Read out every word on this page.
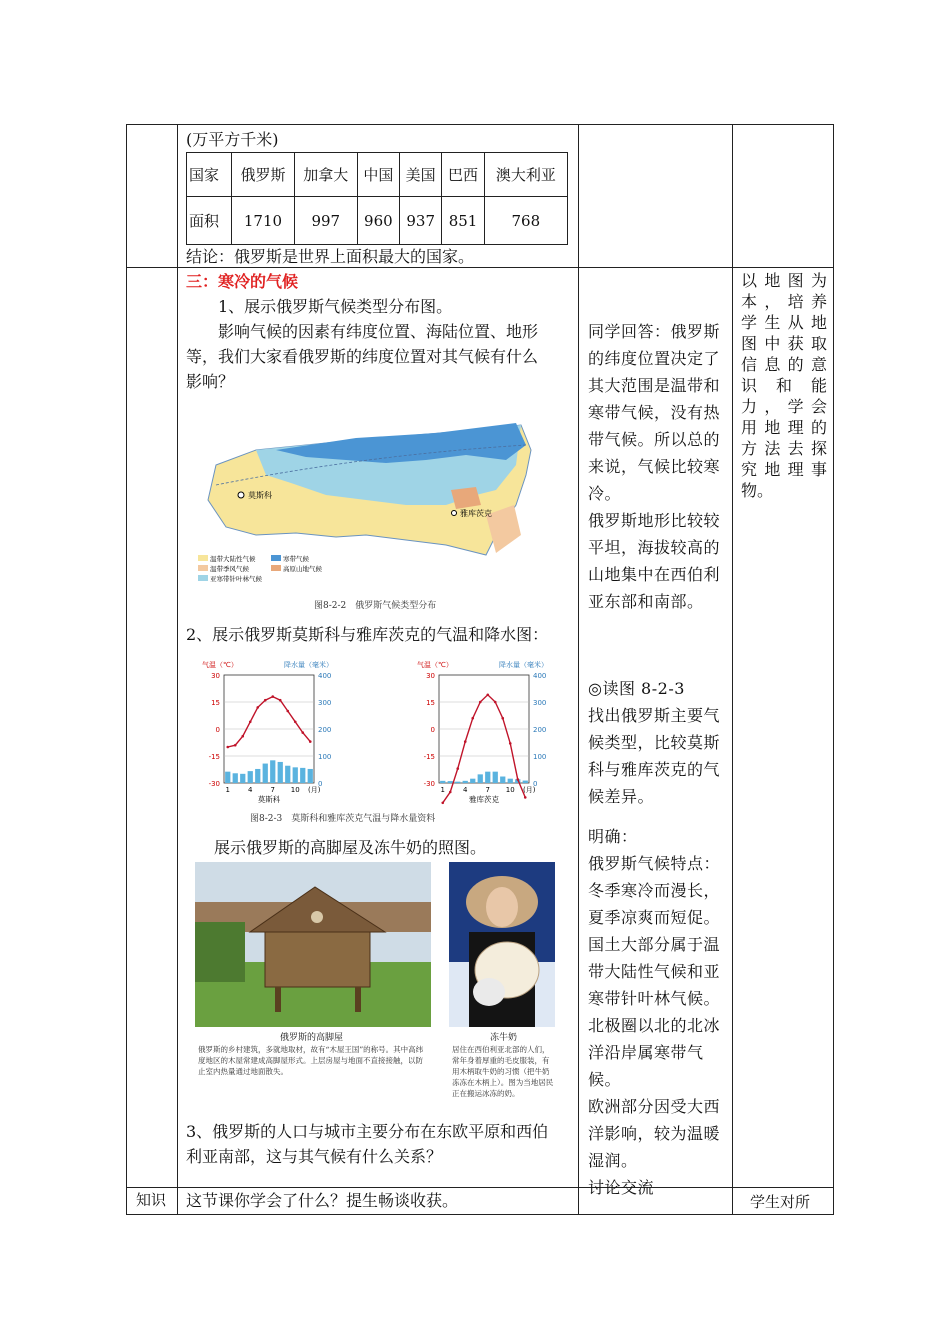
(万平方千米)
国家	俄罗斯	加拿大	中国	美国	巴西	澳大利亚
面积	1710	997	960	937	851	768
结论：俄罗斯是世界上面积最大的国家。
三：寒冷的气候
1、展示俄罗斯气候类型分布图。
影响气候的因素有纬度位置、海陆位置、地形
等，我们大家看俄罗斯的纬度位置对其气候有什么
影响？
莫斯科
雅库茨克
温带大陆性气候
温带季风气候
亚寒带针叶林气候
寒带气候
高原山地气候
图8-2-2　俄罗斯气候类型分布
2、展示俄罗斯莫斯科与雅库茨克的气温和降水图：
30
15
0
-15
-30
400
300
200
100
0
气温（℃）	降水量（毫米）
1	4	7 10 (月)
莫斯科
30
15
0
-15
-30
400
300
200
100
0
气温（℃）	降水量（毫米）
1	4	7 10 (月)
雅库茨克
图8-2-3　莫斯科和雅库茨克气温与降水量资料
展示俄罗斯的高脚屋及冻牛奶的照图。
俄罗斯的高脚屋
俄罗斯的乡村建筑，多就地取材，故有“木屋王国”的称号。其中高纬度地区的木屋常建成高脚屋形式。上层房屋与地面不直接接触，以防止室内热量通过地面散失。
冻牛奶
居住在西伯利亚北部的人们，常年身着厚重的毛皮服装，有用木柄取牛奶的习惯（把牛奶冻冻在木柄上）。图为当地居民正在搬运冰冻的奶。
3、俄罗斯的人口与城市主要分布在东欧平原和西伯
利亚南部，这与其气候有什么关系？

同学回答：俄罗斯

的纬度位置决定了

其大范围是温带和

寒带气候，没有热

带气候。所以总的

来说，气候比较寒

冷。

俄罗斯地形比较较

平坦，海拔较高的

山地集中在西伯利

亚东部和南部。

◎读图 8-2-3

找出俄罗斯主要气

候类型，比较莫斯

科与雅库茨克的气

候差异。

明确：

俄罗斯气候特点：

冬季寒冷而漫长，

夏季凉爽而短促。

国土大部分属于温

带大陆性气候和亚

寒带针叶林气候。

北极圈以北的北冰

洋沿岸属寒带气

候。

欧洲部分因受大西

洋影响，较为温暖

湿润。

讨论交流

以地图为

本，培养

学生从地

图中获取

信息的意

识　和　能

力，学会

用地理的

方法去探

究地理事

物。
知识 这节课你学会了什么？提生畅谈收获。	学生对所
